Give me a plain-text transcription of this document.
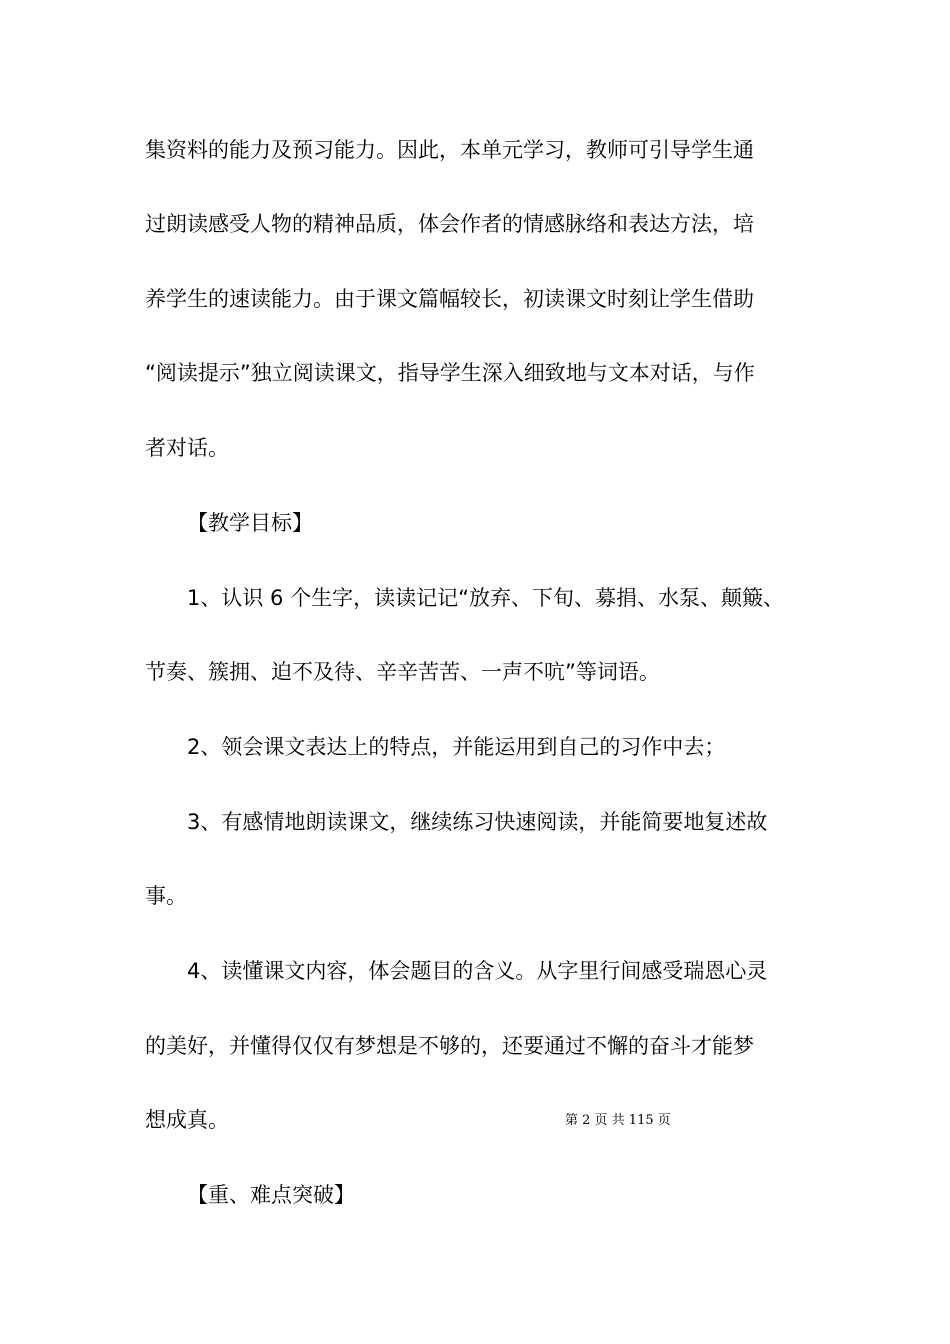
集资料的能力及预习能力。因此，本单元学习，教师可引导学生通
过朗读感受人物的精神品质，体会作者的情感脉络和表达方法，培
养学生的速读能力。由于课文篇幅较长，初读课文时刻让学生借助
“阅读提示”独立阅读课文，指导学生深入细致地与文本对话，与作
者对话。
【教学目标】
1、认识 6 个生字，读读记记“放弃、下旬、募捐、水泵、颠簸、
节奏、簇拥、迫不及待、辛辛苦苦、一声不吭”等词语。
2、领会课文表达上的特点，并能运用到自己的习作中去；
3、有感情地朗读课文，继续练习快速阅读，并能简要地复述故
事。
4、读懂课文内容，体会题目的含义。从字里行间感受瑞恩心灵
的美好，并懂得仅仅有梦想是不够的，还要通过不懈的奋斗才能梦
想成真。
【重、难点突破】
第 2 页 共 115 页
